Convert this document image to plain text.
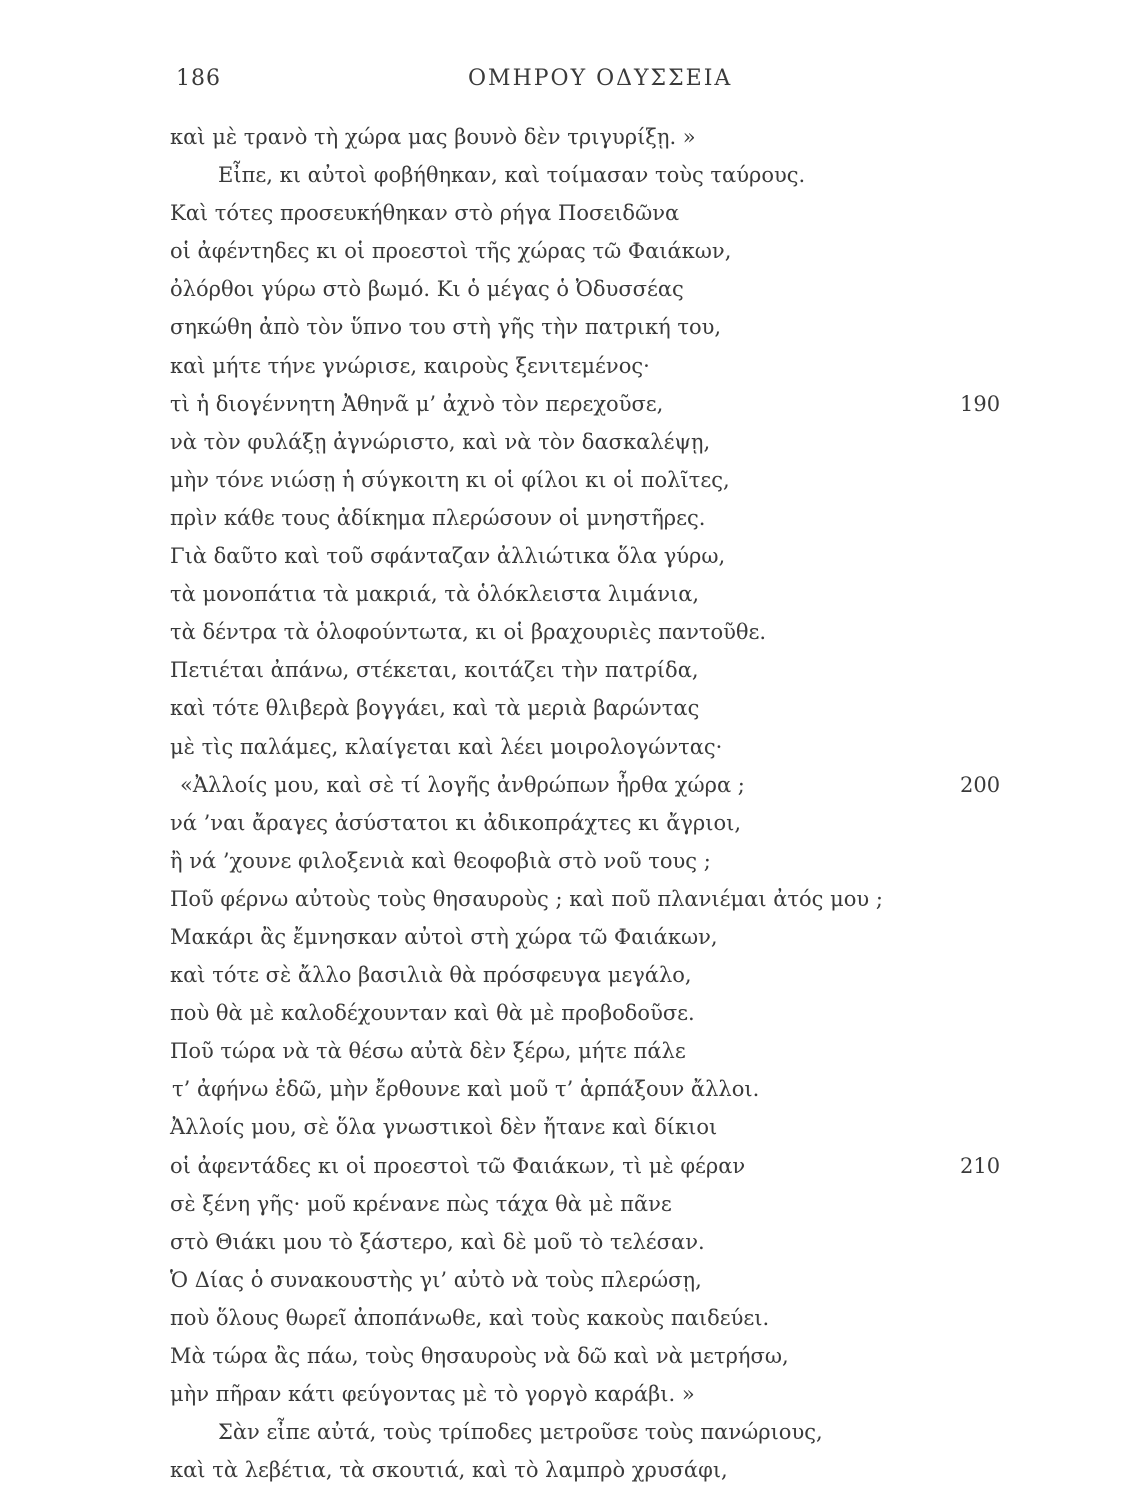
186	ΟΜΗΡΟΥ ΟΔΥΣΣΕΙΑ
καὶ μὲ τρανὸ τὴ χώρα μας βουνὸ δὲν τριγυρίξῃ. »
Εἶπε, κι αὐτοὶ φοβήθηκαν, καὶ τοίμασαν τοὺς ταύρους.
Καὶ τότες προσευκήθηκαν στὸ ρήγα Ποσειδῶνα
οἱ ἀφέντηδες κι οἱ προεστοὶ τῆς χώρας τῶ Φαιάκων,
ὀλόρθοι γύρω στὸ βωμό. Κι ὁ μέγας ὁ Ὀδυσσέας
σηκώθη ἀπὸ τὸν ὕπνο του στὴ γῆς τὴν πατρική του,
καὶ μήτε τήνε γνώρισε, καιροὺς ξενιτεμένος·
τὶ ἡ διογέννητη Ἀθηνᾶ μ’ ἀχνὸ τὸν περεχοῦσε,	190
νὰ τὸν φυλάξῃ ἀγνώριστο, καὶ νὰ τὸν δασκαλέψῃ,
μὴν τόνε νιώσῃ ἡ σύγκοιτη κι οἱ φίλοι κι οἱ πολῖτες,
πρὶν κάθε τους ἀδίκημα πλερώσουν οἱ μνηστῆρες.
Γιὰ δαῦτο καὶ τοῦ σφάνταζαν ἀλλιώτικα ὅλα γύρω,
τὰ μονοπάτια τὰ μακριά, τὰ ὁλόκλειστα λιμάνια,
τὰ δέντρα τὰ ὁλοφούντωτα, κι οἱ βραχουριὲς παντοῦθε.
Πετιέται ἀπάνω, στέκεται, κοιτάζει τὴν πατρίδα,
καὶ τότε θλιβερὰ βογγάει, καὶ τὰ μεριὰ βαρώντας
μὲ τὶς παλάμες, κλαίγεται καὶ λέει μοιρολογώντας·
«Ἀλλοίς μου, καὶ σὲ τί λογῆς ἀνθρώπων ἦρθα χώρα ;	200
νά ’ναι ἄραγες ἀσύστατοι κι ἀδικοπράχτες κι ἄγριοι,
ἢ νά ’χουνε φιλοξενιὰ καὶ θεοφοβιὰ στὸ νοῦ τους ;
Ποῦ φέρνω αὐτοὺς τοὺς θησαυροὺς ; καὶ ποῦ πλανιέμαι ἀτός μου ;
Μακάρι ἂς ἔμνησκαν αὐτοὶ στὴ χώρα τῶ Φαιάκων,
καὶ τότε σὲ ἄλλο βασιλιὰ θὰ πρόσφευγα μεγάλο,
ποὺ θὰ μὲ καλοδέχουνταν καὶ θὰ μὲ προβοδοῦσε.
Ποῦ τώρα νὰ τὰ θέσω αὐτὰ δὲν ξέρω, μήτε πάλε
τ’ ἀφήνω ἐδῶ, μὴν ἔρθουνε καὶ μοῦ τ’ ἁρπάξουν ἄλλοι.
Ἀλλοίς μου, σὲ ὅλα γνωστικοὶ δὲν ἤτανε καὶ δίκιοι
οἱ ἀφεντάδες κι οἱ προεστοὶ τῶ Φαιάκων, τὶ μὲ φέραν	210
σὲ ξένη γῆς· μοῦ κρένανε πὼς τάχα θὰ μὲ πᾶνε
στὸ Θιάκι μου τὸ ξάστερο, καὶ δὲ μοῦ τὸ τελέσαν.
Ὁ Δίας ὁ συνακουστὴς γι’ αὐτὸ νὰ τοὺς πλερώσῃ,
ποὺ ὅλους θωρεῖ ἀποπάνωθε, καὶ τοὺς κακοὺς παιδεύει.
Μὰ τώρα ἂς πάω, τοὺς θησαυροὺς νὰ δῶ καὶ νὰ μετρήσω,
μὴν πῆραν κάτι φεύγοντας μὲ τὸ γοργὸ καράβι. »
Σὰν εἶπε αὐτά, τοὺς τρίποδες μετροῦσε τοὺς πανώριους,
καὶ τὰ λεβέτια, τὰ σκουτιά, καὶ τὸ λαμπρὸ χρυσάφι,
